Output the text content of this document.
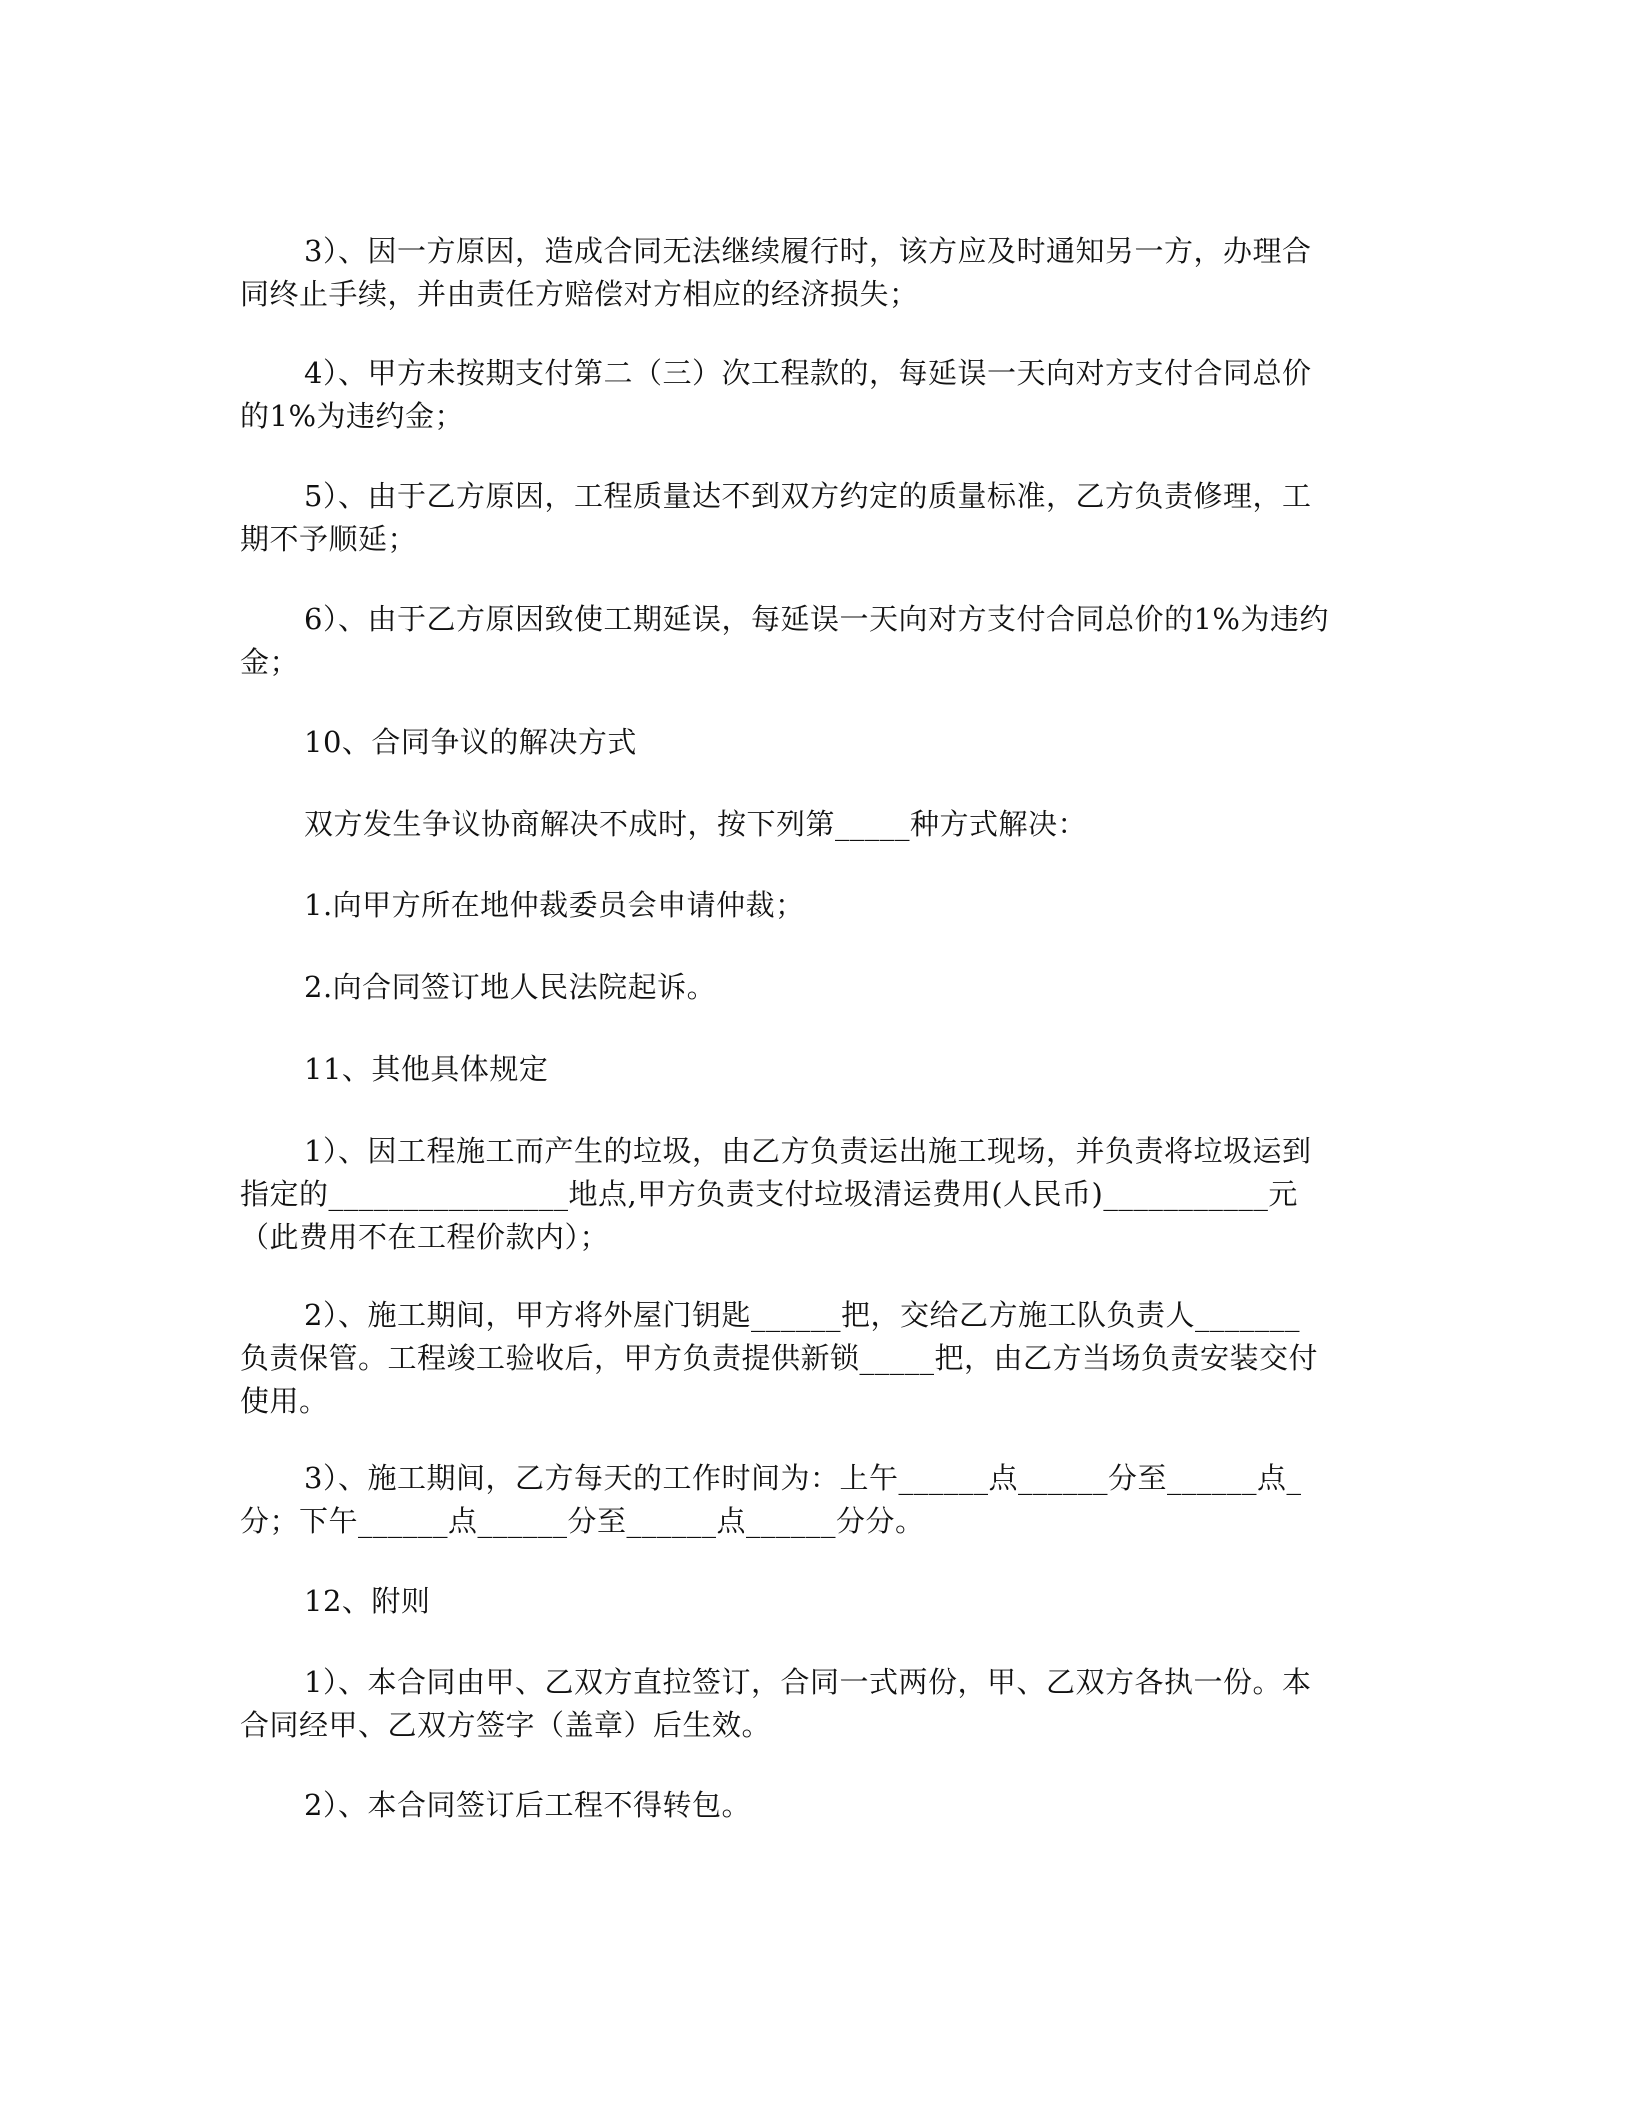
3）、因一方原因，造成合同无法继续履行时，该方应及时通知另一方，办理合
同终止手续，并由责任方赔偿对方相应的经济损失；
4）、甲方未按期支付第二（三）次工程款的，每延误一天向对方支付合同总价
的1%为违约金；
5）、由于乙方原因，工程质量达不到双方约定的质量标准，乙方负责修理，工
期不予顺延；
6）、由于乙方原因致使工期延误，每延误一天向对方支付合同总价的1%为违约
金；
10、合同争议的解决方式
双方发生争议协商解决不成时，按下列第_____种方式解决：
1.向甲方所在地仲裁委员会申请仲裁；
2.向合同签订地人民法院起诉。
11、其他具体规定
1）、因工程施工而产生的垃圾，由乙方负责运出施工现场，并负责将垃圾运到
指定的________________地点,甲方负责支付垃圾清运费用(人民币)___________元
（此费用不在工程价款内）；
2）、施工期间，甲方将外屋门钥匙______把，交给乙方施工队负责人_______
负责保管。工程竣工验收后，甲方负责提供新锁_____把，由乙方当场负责安装交付
使用。
3）、施工期间，乙方每天的工作时间为：上午______点______分至______点_
分；下午______点______分至______点______分分。
12、附则
1）、本合同由甲、乙双方直拉签订，合同一式两份，甲、乙双方各执一份。本
合同经甲、乙双方签字（盖章）后生效。
2）、本合同签订后工程不得转包。
